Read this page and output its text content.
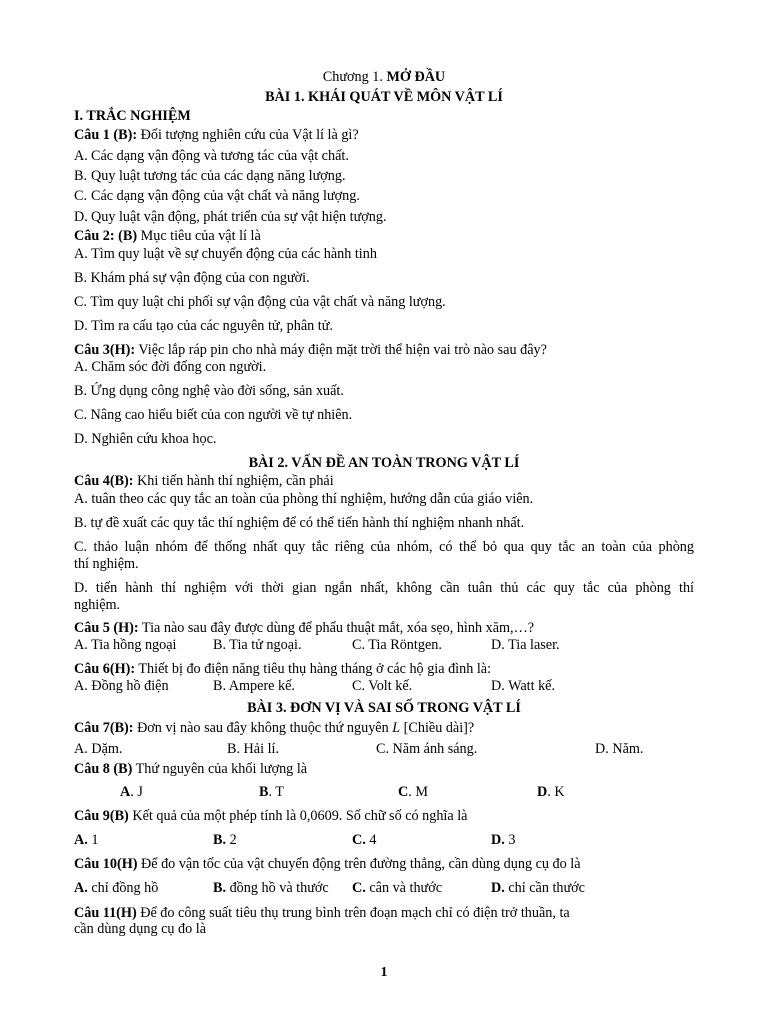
Chương 1. MỞ ĐẦU
BÀI 1. KHÁI QUÁT VỀ MÔN VẬT LÍ
I. TRẮC NGHIỆM
Câu 1 (B): Đối tượng nghiên cứu của Vật lí là gì?
A. Các dạng vận động và tương tác của vật chất.
B. Quy luật tương tác của các dạng năng lượng.
C. Các dạng vận động của vật chất và năng lượng.
D. Quy luật vận động, phát triển của sự vật hiện tượng.
Câu 2: (B) Mục tiêu của vật lí là
A. Tìm quy luật về sự chuyển động của các hành tinh
B. Khám phá sự vận động của con người.
C. Tìm quy luật chi phối sự vận động của vật chất và năng lượng.
D. Tìm ra cấu tạo của các nguyên tử, phân tử.
Câu 3(H): Việc lắp ráp pin cho nhà máy điện mặt trời thể hiện vai trò nào sau đây?
A. Chăm sóc đời đống con người.
B. Ứng dụng công nghệ vào đời sống, sản xuất.
C. Nâng cao hiểu biết của con người về tự nhiên.
D. Nghiên cứu khoa học.
BÀI 2. VẤN ĐỀ AN TOÀN TRONG VẬT LÍ
Câu 4(B): Khi tiến hành thí nghiệm, cần phải
A. tuân theo các quy tắc an toàn của phòng thí nghiệm, hướng dẫn của giáo viên.
B. tự đề xuất các quy tắc thí nghiệm để có thể tiến hành thí nghiệm nhanh nhất.
C. thảo luận nhóm để thống nhất quy tắc riêng của nhóm, có thể bỏ qua quy tắc an toàn của phòng
thí nghiệm.
D. tiến hành thí nghiệm với thời gian ngắn nhất, không cần tuân thủ các quy tắc của phòng thí
nghiệm.
Câu 5 (H): Tia nào sau đây được dùng để phẩu thuật mắt, xóa sẹo, hình xăm,…?
A. Tia hồng ngoại	B. Tia tử ngoại.	C. Tia Röntgen.	D. Tia laser.
Câu 6(H): Thiết bị đo điện năng tiêu thụ hàng tháng ở các hộ gia đình là:
A. Đồng hồ điện	B. Ampere kế.	C. Volt kế.	D. Watt kế.
BÀI 3. ĐƠN VỊ VÀ SAI SỐ TRONG VẬT LÍ
Câu 7(B): Đơn vị nào sau đây không thuộc thứ nguyên L [Chiều dài]?
A. Dặm.	B. Hải lí.	C. Năm ánh sáng.	D. Năm.
Câu 8 (B) Thứ nguyên của khối lượng là
A. J	B. T	C. M	D. K
Câu 9(B) Kết quả của một phép tính là 0,0609. Số chữ số có nghĩa là
A. 1	B. 2	C. 4	D. 3
Câu 10(H) Để đo vận tốc của vật chuyển động trên đường thẳng, cần dùng dụng cụ đo là
A. chỉ đồng hồ	B. đồng hồ và thước C. cân và thước	D. chỉ cần thước
Câu 11(H) Để đo công suất tiêu thụ trung bình trên đoạn mạch chỉ có điện trở thuần, ta
cần dùng dụng cụ đo là
1
